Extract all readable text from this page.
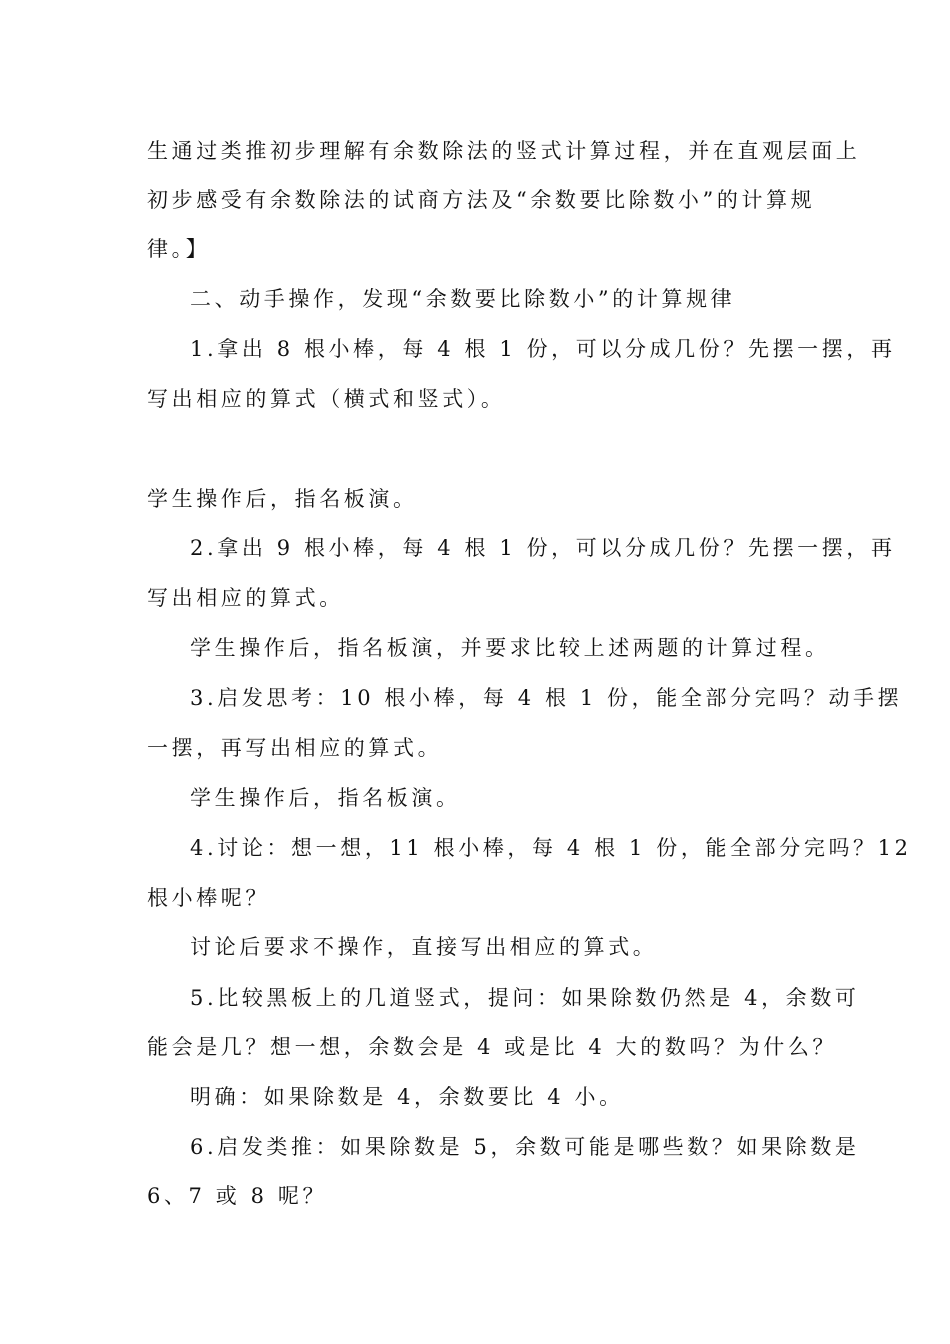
生通过类推初步理解有余数除法的竖式计算过程，并在直观层面上
初步感受有余数除法的试商方法及“余数要比除数小”的计算规
律。】
二、动手操作，发现“余数要比除数小”的计算规律
1.拿出 8 根小棒，每 4 根 1 份，可以分成几份？先摆一摆，再
写出相应的算式（横式和竖式）。
学生操作后，指名板演。
2.拿出 9 根小棒，每 4 根 1 份，可以分成几份？先摆一摆，再
写出相应的算式。
学生操作后，指名板演，并要求比较上述两题的计算过程。
3.启发思考：10 根小棒，每 4 根 1 份，能全部分完吗？动手摆
一摆，再写出相应的算式。
学生操作后，指名板演。
4.讨论：想一想，11 根小棒，每 4 根 1 份，能全部分完吗？12
根小棒呢？
讨论后要求不操作，直接写出相应的算式。
5.比较黑板上的几道竖式，提问：如果除数仍然是 4，余数可
能会是几？想一想，余数会是 4 或是比 4 大的数吗？为什么？
明确：如果除数是 4，余数要比 4 小。
6.启发类推：如果除数是 5，余数可能是哪些数？如果除数是
6、7 或 8 呢？
